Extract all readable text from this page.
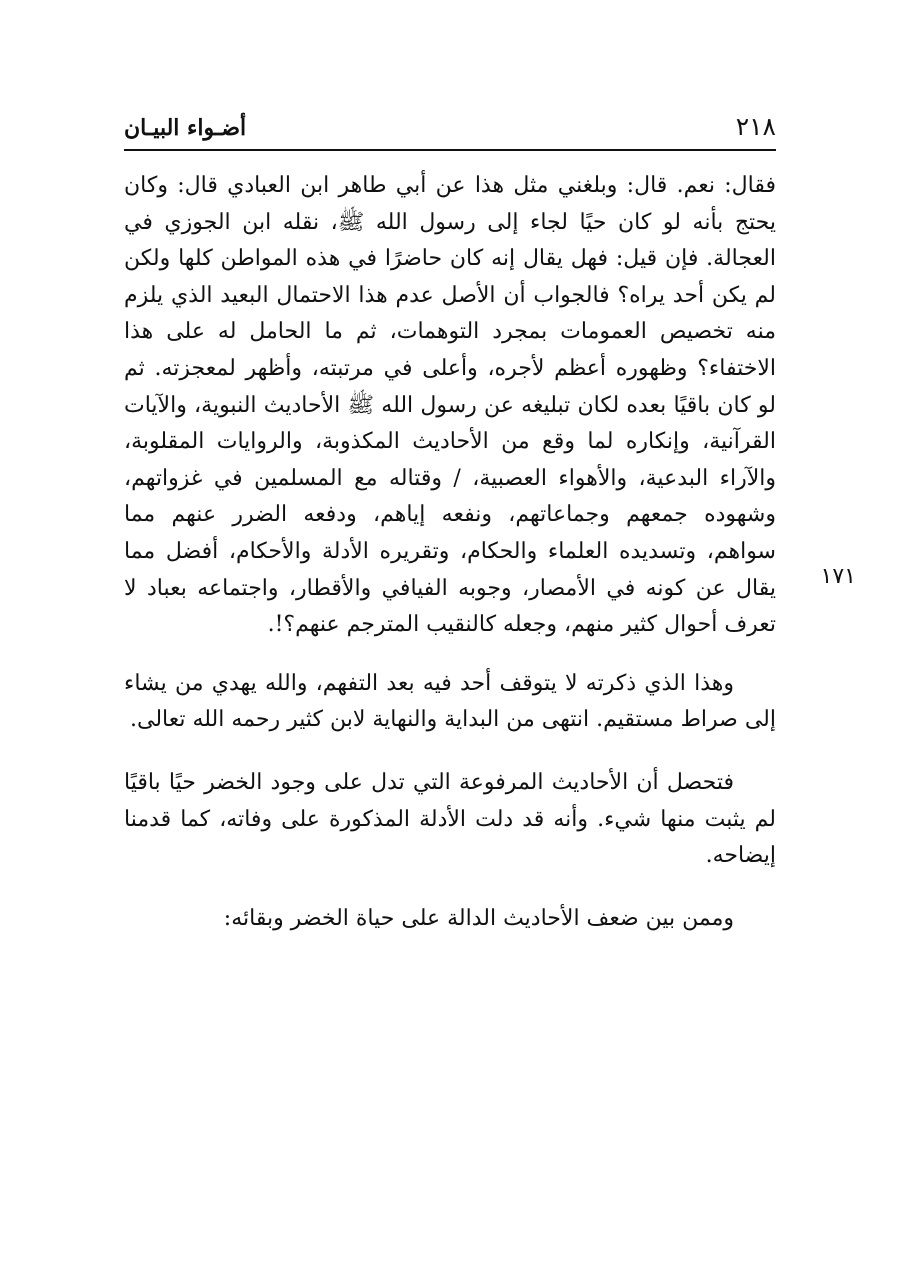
٢١٨
أضـواء البيـان
١٧١

فقال: نعم. قال: وبلغني مثل هذا عن أبي طاهر ابن العبادي قال: وكان يحتج بأنه لو كان حيًا لجاء إلى رسول الله ﷺ، نقله ابن الجوزي في العجالة. فإن قيل: فهل يقال إنه كان حاضرًا في هذه المواطن كلها ولكن لم يكن أحد يراه؟ فالجواب أن الأصل عدم هذا الاحتمال البعيد الذي يلزم منه تخصيص العمومات بمجرد التوهمات، ثم ما الحامل له على هذا الاختفاء؟ وظهوره أعظم لأجره، وأعلى في مرتبته، وأظهر لمعجزته. ثم لو كان باقيًا بعده لكان تبليغه عن رسول الله ﷺ الأحاديث النبوية، والآيات القرآنية، وإنكاره لما وقع من الأحاديث المكذوبة، والروايات المقلوبة، والآراء البدعية، والأهواء العصبية، / وقتاله مع المسلمين في غزواتهم، وشهوده جمعهم وجماعاتهم، ونفعه إياهم، ودفعه الضرر عنهم مما سواهم، وتسديده العلماء والحكام، وتقريره الأدلة والأحكام، أفضل مما يقال عن كونه في الأمصار، وجوبه الفيافي والأقطار، واجتماعه بعباد لا تعرف أحوال كثير منهم، وجعله كالنقيب المترجم عنهم؟!.

وهذا الذي ذكرته لا يتوقف أحد فيه بعد التفهم، والله يهدي من يشاء إلى صراط مستقيم. انتهى من البداية والنهاية لابن كثير رحمه الله تعالى.

فتحصل أن الأحاديث المرفوعة التي تدل على وجود الخضر حيًا باقيًا لم يثبت منها شيء. وأنه قد دلت الأدلة المذكورة على وفاته، كما قدمنا إيضاحه.

وممن بين ضعف الأحاديث الدالة على حياة الخضر وبقائه:
